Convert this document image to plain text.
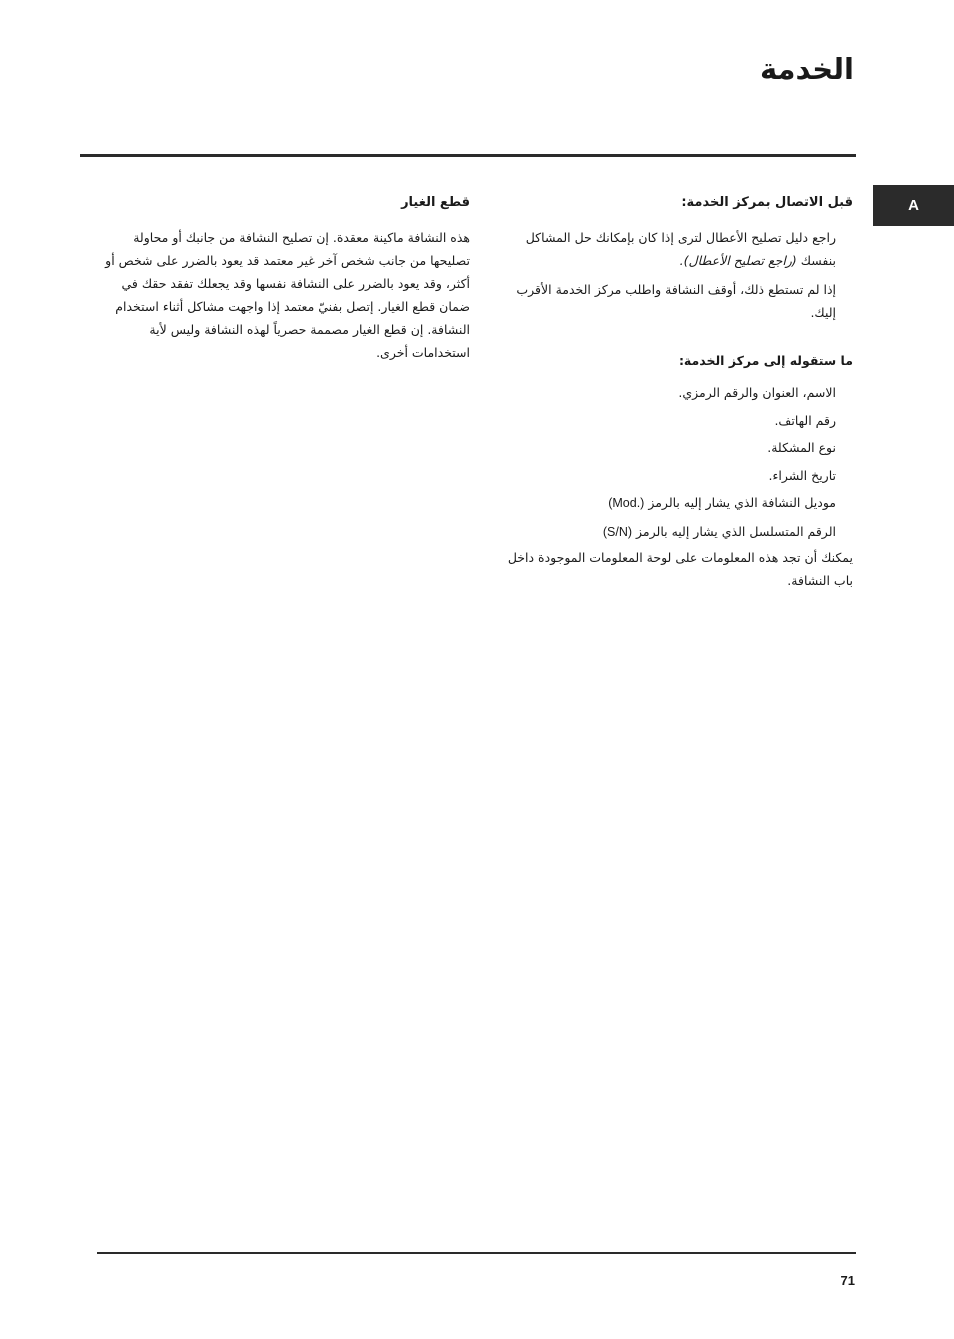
الخدمة
A
قبل الاتصال بمركز الخدمة:

راجع دليل تصليح الأعطال لترى إذا كان بإمكانك حل المشاكل بنفسك (راجع تصليح الأعطال).

إذا لم تستطع ذلك، أوقف النشافة واطلب مركز الخدمة الأقرب إليك.

ما ستقوله إلى مركز الخدمة:
الاسم، العنوان والرقم الرمزي.
رقم الهاتف.
نوع المشكلة.
تاريخ الشراء.
موديل النشافة الذي يشار إليه بالرمز (Mod.)
الرقم المتسلسل الذي يشار إليه بالرمز (S/N)

يمكنك أن تجد هذه المعلومات على لوحة المعلومات الموجودة داخل باب النشافة.

قطع الغيار

هذه النشافة ماكينة معقدة. إن تصليح النشافة من جانبك أو محاولة تصليحها من جانب شخص آخر غير معتمد قد يعود بالضرر على شخص أو أكثر، وقد يعود بالضرر على النشافة نفسها وقد يجعلك تفقد حقك في ضمان قطع الغيار. إتصل بفنيّ معتمد إذا واجهت مشاكل أثناء استخدام النشافة. إن قطع الغيار مصممة حصرياً لهذه النشافة وليس لأية استخدامات أخرى.

71
